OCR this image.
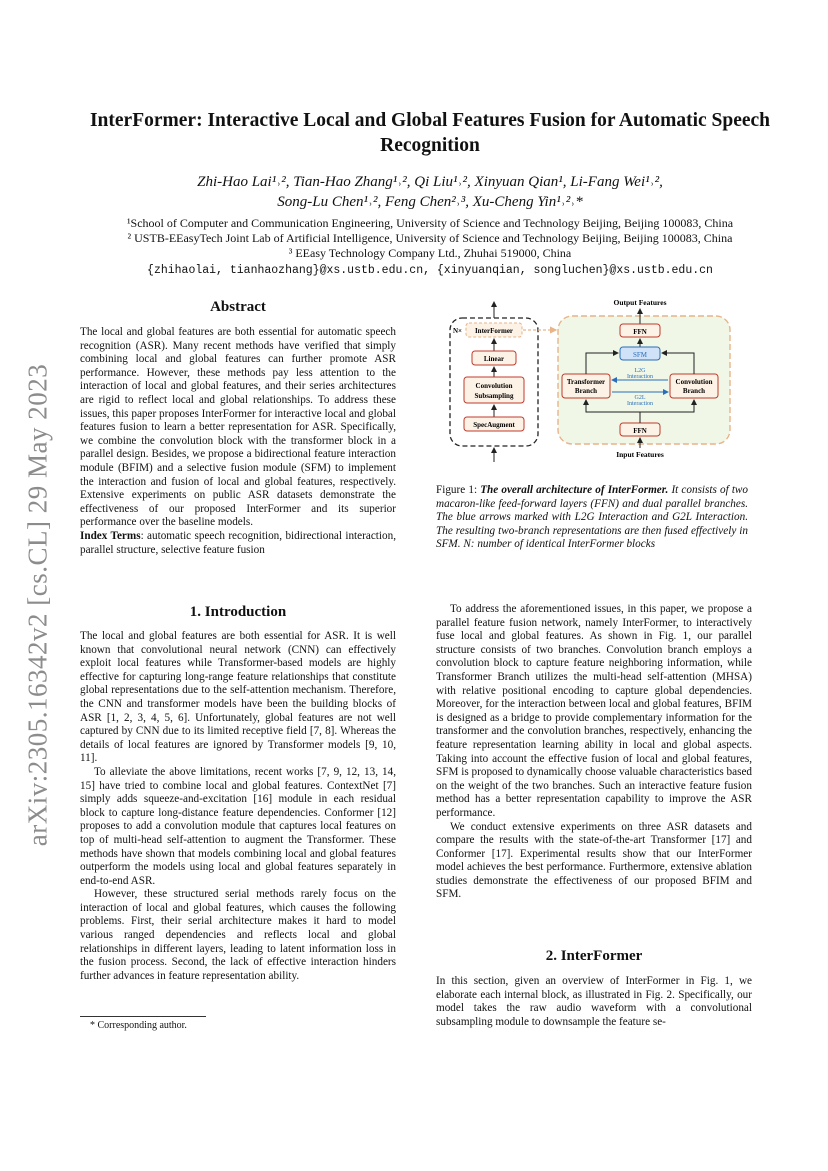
arXiv:2305.16342v2 [cs.CL] 29 May 2023
InterFormer: Interactive Local and Global Features Fusion for Automatic Speech Recognition
Zhi-Hao Lai¹˒², Tian-Hao Zhang¹˒², Qi Liu¹˒², Xinyuan Qian¹, Li-Fang Wei¹˒²,
Song-Lu Chen¹˒², Feng Chen²˒³, Xu-Cheng Yin¹˒²˒*
¹School of Computer and Communication Engineering, University of Science and Technology Beijing, Beijing 100083, China
² USTB-EEasyTech Joint Lab of Artificial Intelligence, University of Science and Technology Beijing, Beijing 100083, China
³ EEasy Technology Company Ltd., Zhuhai 519000, China
{zhihaolai, tianhaozhang}@xs.ustb.edu.cn, {xinyuanqian, songluchen}@xs.ustb.edu.cn
Abstract

The local and global features are both essential for automatic speech recognition (ASR). Many recent methods have verified that simply combining local and global features can further promote ASR performance. However, these methods pay less attention to the interaction of local and global features, and their series architectures are rigid to reflect local and global relationships. To address these issues, this paper proposes InterFormer for interactive local and global features fusion to learn a better representation for ASR. Specifically, we combine the convolution block with the transformer block in a parallel design. Besides, we propose a bidirectional feature interaction module (BFIM) and a selective fusion module (SFM) to implement the interaction and fusion of local and global features, respectively. Extensive experiments on public ASR datasets demonstrate the effectiveness of our proposed InterFormer and its superior performance over the baseline models.

Index Terms: automatic speech recognition, bidirectional interaction, parallel structure, selective feature fusion

1. Introduction

The local and global features are both essential for ASR. It is well known that convolutional neural network (CNN) can effectively exploit local features while Transformer-based models are highly effective for capturing long-range feature relationships that constitute global representations due to the self-attention mechanism. Therefore, the CNN and transformer models have been the building blocks of ASR [1, 2, 3, 4, 5, 6]. Unfortunately, global features are not well captured by CNN due to its limited receptive field [7, 8]. Whereas the details of local features are ignored by Transformer models [9, 10, 11].

To alleviate the above limitations, recent works [7, 9, 12, 13, 14, 15] have tried to combine local and global features. ContextNet [7] simply adds squeeze-and-excitation [16] module in each residual block to capture long-distance feature dependencies. Conformer [12] proposes to add a convolution module that captures local features on top of multi-head self-attention to augment the Transformer. These methods have shown that models combining local and global features outperform the models using local and global features separately in end-to-end ASR.

However, these structured serial methods rarely focus on the interaction of local and global features, which causes the following problems. First, their serial architecture makes it hard to model various ranged dependencies and reflects local and global relationships in different layers, leading to latent information loss in the fusion process. Second, the lack of effective interaction hinders further advances in feature representation ability.

* Corresponding author.
N× InterFormer
Linear
Convolution
Subsampling
SpecAugment
Output Features
FFN
SFM
Transformer
Branch
Convolution
Branch
L2G
Interaction
G2L
Interaction
FFN
Input Features
Figure 1: The overall architecture of InterFormer. It consists of two macaron-like feed-forward layers (FFN) and dual parallel branches. The blue arrows marked with L2G Interaction and G2L Interaction. The resulting two-branch representations are then fused effectively in SFM. N: number of identical InterFormer blocks

To address the aforementioned issues, in this paper, we propose a parallel feature fusion network, namely InterFormer, to interactively fuse local and global features. As shown in Fig. 1, our parallel structure consists of two branches. Convolution branch employs a convolution block to capture feature neighboring information, while Transformer Branch utilizes the multi-head self-attention (MHSA) with relative positional encoding to capture global dependencies. Moreover, for the interaction between local and global features, BFIM is designed as a bridge to provide complementary information for the transformer and the convolution branches, respectively, enhancing the feature representation learning ability in local and global aspects. Taking into account the effective fusion of local and global features, SFM is proposed to dynamically choose valuable characteristics based on the weight of the two branches. Such an interactive feature fusion method has a better representation capability to improve the ASR performance.

We conduct extensive experiments on three ASR datasets and compare the results with the state-of-the-art Transformer [17] and Conformer [17]. Experimental results show that our InterFormer model achieves the best performance. Furthermore, extensive ablation studies demonstrate the effectiveness of our proposed BFIM and SFM.

2. InterFormer

In this section, given an overview of InterFormer in Fig. 1, we elaborate each internal block, as illustrated in Fig. 2. Specifically, our model takes the raw audio waveform with a convolutional subsampling module to downsample the feature se-
